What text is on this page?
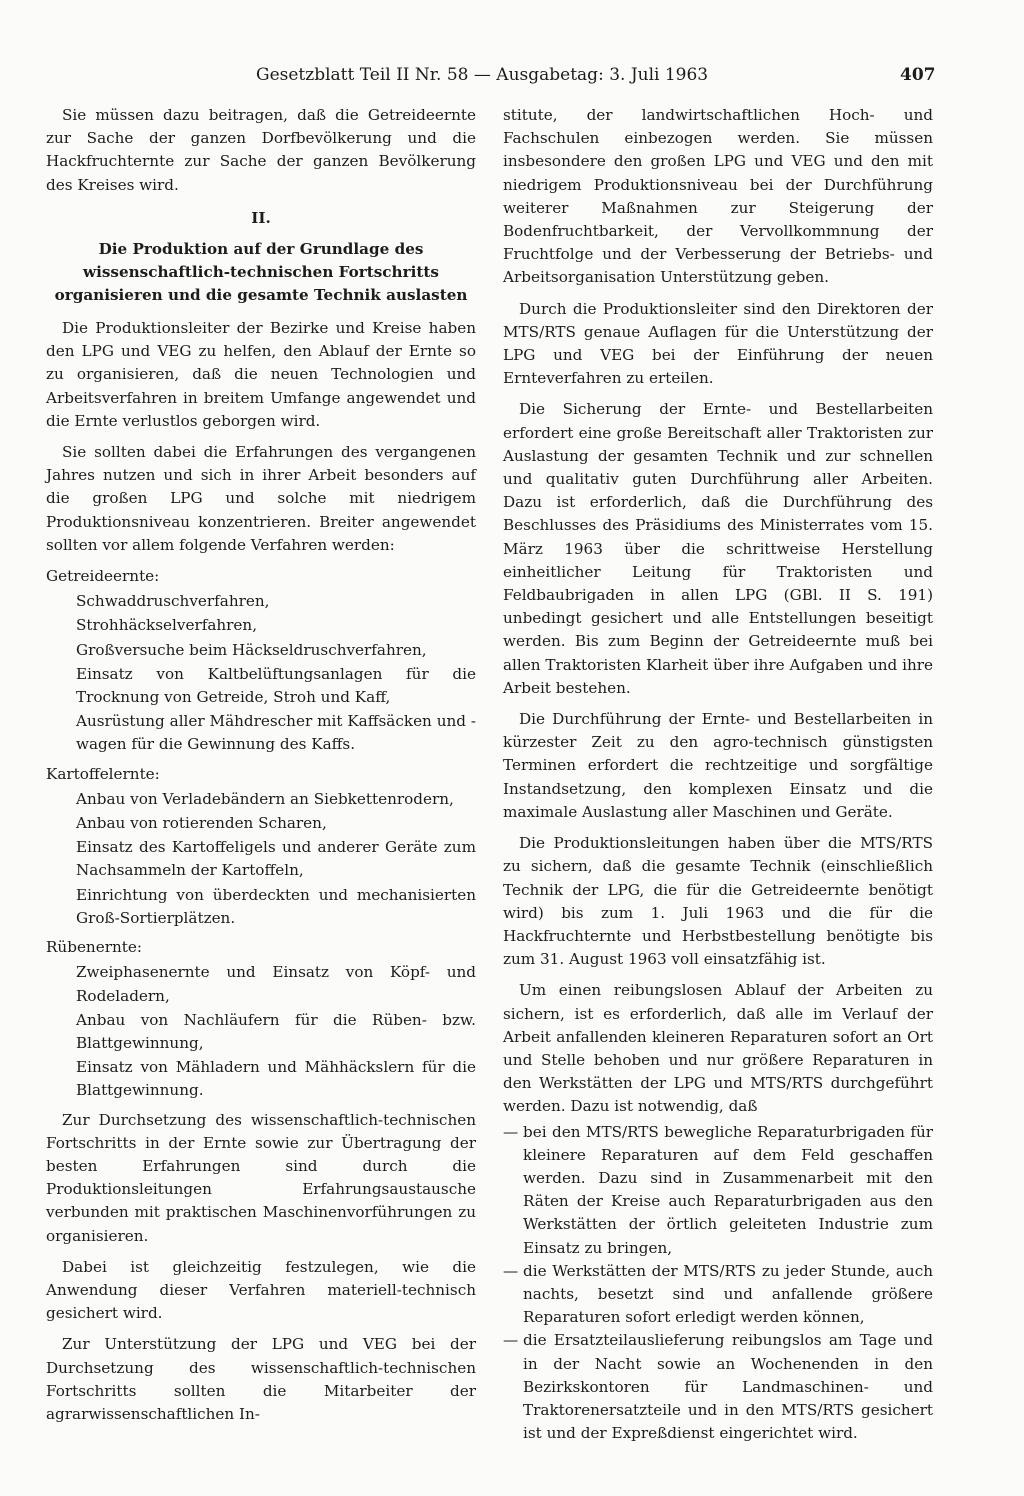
Gesetzblatt Teil II Nr. 58 — Ausgabetag: 3. Juli 1963	407

Sie müssen dazu beitragen, daß die Getreideernte zur Sache der ganzen Dorfbevölkerung und die Hackfruchternte zur Sache der ganzen Bevölkerung des Kreises wird.

II.
Die Produktion auf der Grundlage des wissenschaftlich-technischen Fortschritts organisieren und die gesamte Technik auslasten

Die Produktionsleiter der Bezirke und Kreise haben den LPG und VEG zu helfen, den Ablauf der Ernte so zu organisieren, daß die neuen Technologien und Arbeitsverfahren in breitem Umfange angewendet und die Ernte verlustlos geborgen wird.

Sie sollten dabei die Erfahrungen des vergangenen Jahres nutzen und sich in ihrer Arbeit besonders auf die großen LPG und solche mit niedrigem Produktionsniveau konzentrieren. Breiter angewendet sollten vor allem folgende Verfahren werden:

Getreideernte:
Schwaddruschverfahren,
Strohhäckselverfahren,
Großversuche beim Häckseldruschverfahren,
Einsatz von Kaltbelüftungsanlagen für die Trocknung von Getreide, Stroh und Kaff,
Ausrüstung aller Mähdrescher mit Kaffsäcken und -wagen für die Gewinnung des Kaffs.
Kartoffelernte:
Anbau von Verladebändern an Siebkettenrodern,
Anbau von rotierenden Scharen,
Einsatz des Kartoffeligels und anderer Geräte zum Nachsammeln der Kartoffeln,
Einrichtung von überdeckten und mechanisierten Groß-Sortierplätzen.
Rübenernte:
Zweiphasenernte und Einsatz von Köpf- und Rodeladern,
Anbau von Nachläufern für die Rüben- bzw. Blattgewinnung,
Einsatz von Mähladern und Mähhäckslern für die Blattgewinnung.

Zur Durchsetzung des wissenschaftlich-technischen Fortschritts in der Ernte sowie zur Übertragung der besten Erfahrungen sind durch die Produktionsleitungen Erfahrungsaustausche verbunden mit praktischen Maschinenvorführungen zu organisieren.

Dabei ist gleichzeitig festzulegen, wie die Anwendung dieser Verfahren materiell-technisch gesichert wird.

Zur Unterstützung der LPG und VEG bei der Durchsetzung des wissenschaftlich-technischen Fortschritts sollten die Mitarbeiter der agrarwissenschaftlichen In-

stitute, der landwirtschaftlichen Hoch- und Fachschulen einbezogen werden. Sie müssen insbesondere den großen LPG und VEG und den mit niedrigem Produktionsniveau bei der Durchführung weiterer Maßnahmen zur Steigerung der Bodenfruchtbarkeit, der Vervollkommnung der Fruchtfolge und der Verbesserung der Betriebs- und Arbeitsorganisation Unterstützung geben.

Durch die Produktionsleiter sind den Direktoren der MTS/RTS genaue Auflagen für die Unterstützung der LPG und VEG bei der Einführung der neuen Ernteverfahren zu erteilen.

Die Sicherung der Ernte- und Bestellarbeiten erfordert eine große Bereitschaft aller Traktoristen zur Auslastung der gesamten Technik und zur schnellen und qualitativ guten Durchführung aller Arbeiten. Dazu ist erforderlich, daß die Durchführung des Beschlusses des Präsidiums des Ministerrates vom 15. März 1963 über die schrittweise Herstellung einheitlicher Leitung für Traktoristen und Feldbaubrigaden in allen LPG (GBl. II S. 191) unbedingt gesichert und alle Entstellungen beseitigt werden. Bis zum Beginn der Getreideernte muß bei allen Traktoristen Klarheit über ihre Aufgaben und ihre Arbeit bestehen.

Die Durchführung der Ernte- und Bestellarbeiten in kürzester Zeit zu den agro-technisch günstigsten Terminen erfordert die rechtzeitige und sorgfältige Instandsetzung, den komplexen Einsatz und die maximale Auslastung aller Maschinen und Geräte.

Die Produktionsleitungen haben über die MTS/RTS zu sichern, daß die gesamte Technik (einschließlich Technik der LPG, die für die Getreideernte benötigt wird) bis zum 1. Juli 1963 und die für die Hackfruchternte und Herbstbestellung benötigte bis zum 31. August 1963 voll einsatzfähig ist.

Um einen reibungslosen Ablauf der Arbeiten zu sichern, ist es erforderlich, daß alle im Verlauf der Arbeit anfallenden kleineren Reparaturen sofort an Ort und Stelle behoben und nur größere Reparaturen in den Werkstätten der LPG und MTS/RTS durchgeführt werden. Dazu ist notwendig, daß

— bei den MTS/RTS bewegliche Reparaturbrigaden für kleinere Reparaturen auf dem Feld geschaffen werden. Dazu sind in Zusammenarbeit mit den Räten der Kreise auch Reparaturbrigaden aus den Werkstätten der örtlich geleiteten Industrie zum Einsatz zu bringen,
— die Werkstätten der MTS/RTS zu jeder Stunde, auch nachts, besetzt sind und anfallende größere Reparaturen sofort erledigt werden können,
— die Ersatzteilauslieferung reibungslos am Tage und in der Nacht sowie an Wochenenden in den Bezirkskontoren für Landmaschinen- und Traktorenersatzteile und in den MTS/RTS gesichert ist und der Expreßdienst eingerichtet wird.
